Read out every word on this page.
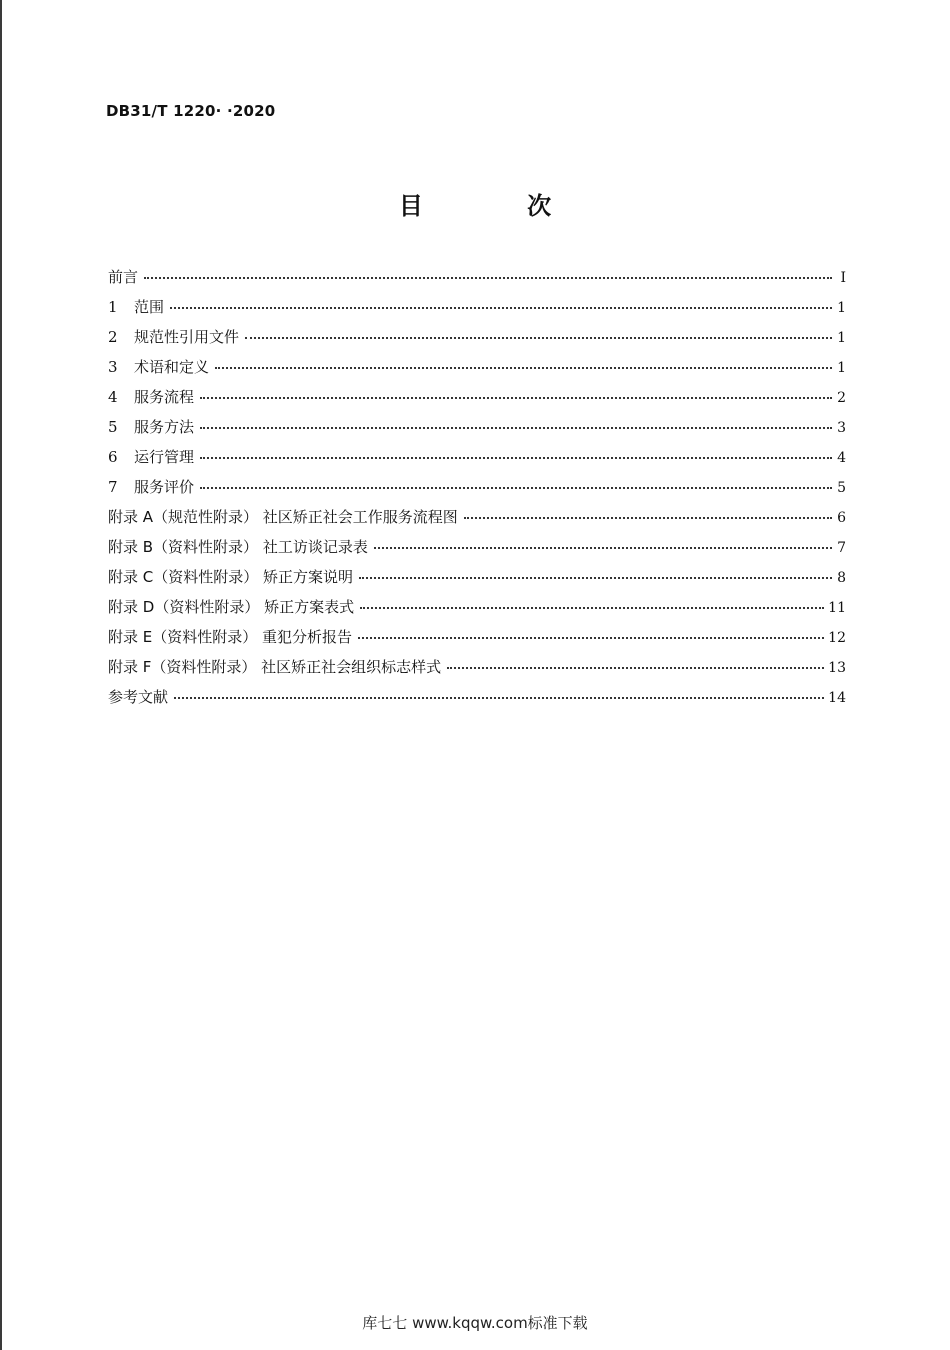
DB31/T 1220· ·2020
目 次
前言	I
1	范围	1
2	规范性引用文件	1
3	术语和定义	1
4	服务流程	2
5	服务方法	3
6	运行管理	4
7	服务评价	5
附录 A（规范性附录） 社区矫正社会工作服务流程图	6
附录 B（资料性附录） 社工访谈记录表	7
附录 C（资料性附录） 矫正方案说明	8
附录 D（资料性附录） 矫正方案表式	11
附录 E（资料性附录） 重犯分析报告	12
附录 F（资料性附录） 社区矫正社会组织标志样式	13
参考文献	14
库七七 www.kqqw.com标准下载
